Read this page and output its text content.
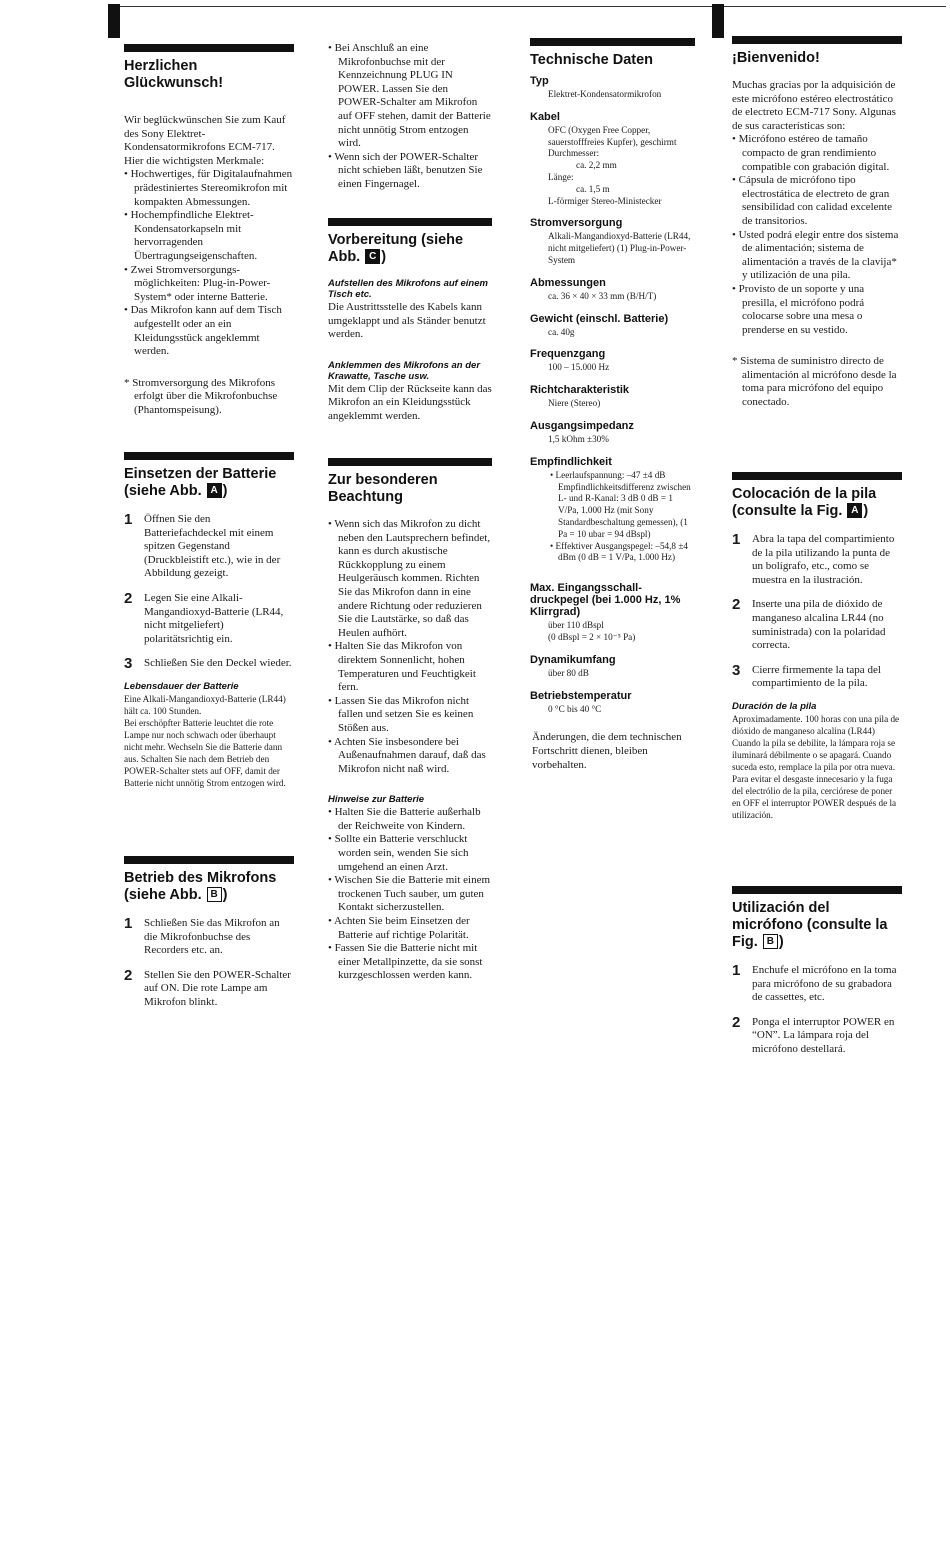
Herzlichen Glückwunsch!

Wir beglückwünschen Sie zum Kauf des Sony Elektret-Kondensatormikrofons ECM-717. Hier die wichtigsten Merkmale:

• Hochwertiges, für Digitalaufnahmen prädestiniertes Stereomikrofon mit kompakten Abmessungen.
• Hochempfindliche Elektret-Kondensatorkapseln mit hervorragenden Übertragungseigenschaften.
• Zwei Stromversorgungs-möglichkeiten: Plug-in-Power-System* oder interne Batterie.
• Das Mikrofon kann auf dem Tisch aufgestellt oder an ein Kleidungsstück angeklemmt werden.
* Stromversorgung des Mikrofons erfolgt über die Mikrofonbuchse (Phantomspeisung).
Einsetzen der Batterie (siehe Abb. A )
1	Öffnen Sie den Batteriefachdeckel mit einem spitzen Gegenstand (Druckbleistift etc.), wie in der Abbildung gezeigt.
2	Legen Sie eine Alkali-Mangandioxyd-Batterie (LR44, nicht mitgeliefert) polaritätsrichtig ein.
3	Schließen Sie den Deckel wieder.
Lebensdauer der Batterie

Eine Alkali-Mangandioxyd-Batterie (LR44) hält ca. 100 Stunden.

Bei erschöpfter Batterie leuchtet die rote Lampe nur noch schwach oder überhaupt nicht mehr. Wechseln Sie die Batterie dann aus. Schalten Sie nach dem Betrieb den POWER-Schalter stets auf OFF, damit der Batterie nicht unnötig Strom entzogen wird.

Betrieb des Mikrofons (siehe Abb. B )
1	Schließen Sie das Mikrofon an die Mikrofonbuchse des Recorders etc. an.
2	Stellen Sie den POWER-Schalter auf ON. Die rote Lampe am Mikrofon blinkt.
• Bei Anschluß an eine Mikrofonbuchse mit der Kennzeichnung PLUG IN POWER. Lassen Sie den POWER-Schalter am Mikrofon auf OFF stehen, damit der Batterie nicht unnötig Strom entzogen wird.
• Wenn sich der POWER-Schalter nicht schieben läßt, benutzen Sie einen Fingernagel.
Vorbereitung (siehe Abb. C )
Aufstellen des Mikrofons auf einem Tisch etc.

Die Austrittsstelle des Kabels kann umgeklappt und als Ständer benutzt werden.

Anklemmen des Mikrofons an der Krawatte, Tasche usw.

Mit dem Clip der Rückseite kann das Mikrofon an ein Kleidungsstück angeklemmt werden.

Zur besonderen Beachtung
• Wenn sich das Mikrofon zu dicht neben den Lautsprechern befindet, kann es durch akustische Rückkopplung zu einem Heulgeräusch kommen. Richten Sie das Mikrofon dann in eine andere Richtung oder reduzieren Sie die Lautstärke, so daß das Heulen aufhört.
• Halten Sie das Mikrofon von direktem Sonnenlicht, hohen Temperaturen und Feuchtigkeit fern.
• Lassen Sie das Mikrofon nicht fallen und setzen Sie es keinen Stößen aus.
• Achten Sie insbesondere bei Außenaufnahmen darauf, daß das Mikrofon nicht naß wird.
Hinweise zur Batterie
• Halten Sie die Batterie außerhalb der Reichweite von Kindern.
• Sollte ein Batterie verschluckt worden sein, wenden Sie sich umgehend an einen Arzt.
• Wischen Sie die Batterie mit einem trockenen Tuch sauber, um guten Kontakt sicherzustellen.
• Achten Sie beim Einsetzen der Batterie auf richtige Polarität.
• Fassen Sie die Batterie nicht mit einer Metallpinzette, da sie sonst kurzgeschlossen werden kann.
Technische Daten
Typ

Elektret-Kondensatormikrofon

Kabel

OFC (Oxygen Free Copper, sauerstofffreies Kupfer), geschirmt

Durchmesser:

ca. 2,2 mm

Länge:

ca. 1,5 m

L-förmiger Stereo-Ministecker

Stromversorgung

Alkali-Mangandioxyd-Batterie (LR44, nicht mitgeliefert) (1) Plug-in-Power-System

Abmessungen

ca. 36 × 40 × 33 mm (B/H/T)

Gewicht (einschl. Batterie)

ca. 40g

Frequenzgang

100 – 15.000 Hz

Richtcharakteristik

Niere (Stereo)

Ausgangsimpedanz

1,5 kOhm ±30%

Empfindlichkeit
• Leerlaufspannung: –47 ±4 dB Empfindlichkeitsdifferenz zwischen L- und R-Kanal: 3 dB 0 dB = 1 V/Pa, 1.000 Hz (mit Sony Standardbeschaltung gemessen), (1 Pa = 10 ubar = 94 dBspl)
• Effektiver Ausgangspegel: –54,8 ±4 dBm (0 dB = 1 V/Pa, 1.000 Hz)
Max. Eingangsschall-druckpegel (bei 1.000 Hz, 1% Klirrgrad)

über 110 dBspl

(0 dBspl = 2 × 10⁻⁵ Pa)

Dynamikumfang

über 80 dB

Betriebstemperatur

0 °C bis 40 °C

Änderungen, die dem technischen Fortschritt dienen, bleiben vorbehalten.

¡Bienvenido!

Muchas gracias por la adquisición de este micrófono estéreo electrostático de electreto ECM-717 Sony. Algunas de sus características son:

• Micrófono estéreo de tamaño compacto de gran rendimiento compatible con grabación digital.
• Cápsula de micrófono tipo electrostática de electreto de gran sensibilidad con calidad excelente de transitorios.
• Usted podrá elegir entre dos sistema de alimentación; sistema de alimentación a través de la clavija* y utilización de una pila.
• Provisto de un soporte y una presilla, el micrófono podrá colocarse sobre una mesa o prenderse en su vestido.
* Sistema de suministro directo de alimentación al micrófono desde la toma para micrófono del equipo conectado.
Colocación de la pila (consulte la Fig. A )
1	Abra la tapa del compartimiento de la pila utilizando la punta de un bolígrafo, etc., como se muestra en la ilustración.
2	Inserte una pila de dióxido de manganeso alcalina LR44 (no suministrada) con la polaridad correcta.
3	Cierre firmemente la tapa del compartimiento de la pila.
Duración de la pila

Aproximadamente. 100 horas con una pila de dióxido de manganeso alcalina (LR44)

Cuando la pila se debilite, la lámpara roja se iluminará débilmente o se apagará. Cuando suceda esto, remplace la pila por otra nueva. Para evitar el desgaste innecesario y la fuga del electrólio de la pila, cerciórese de poner en OFF el interruptor POWER después de la utilización.

Utilización del micrófono (consulte la Fig. B )
1	Enchufe el micrófono en la toma para micrófono de su grabadora de cassettes, etc.
2	Ponga el interruptor POWER en “ON”. La lámpara roja del micrófono destellará.
